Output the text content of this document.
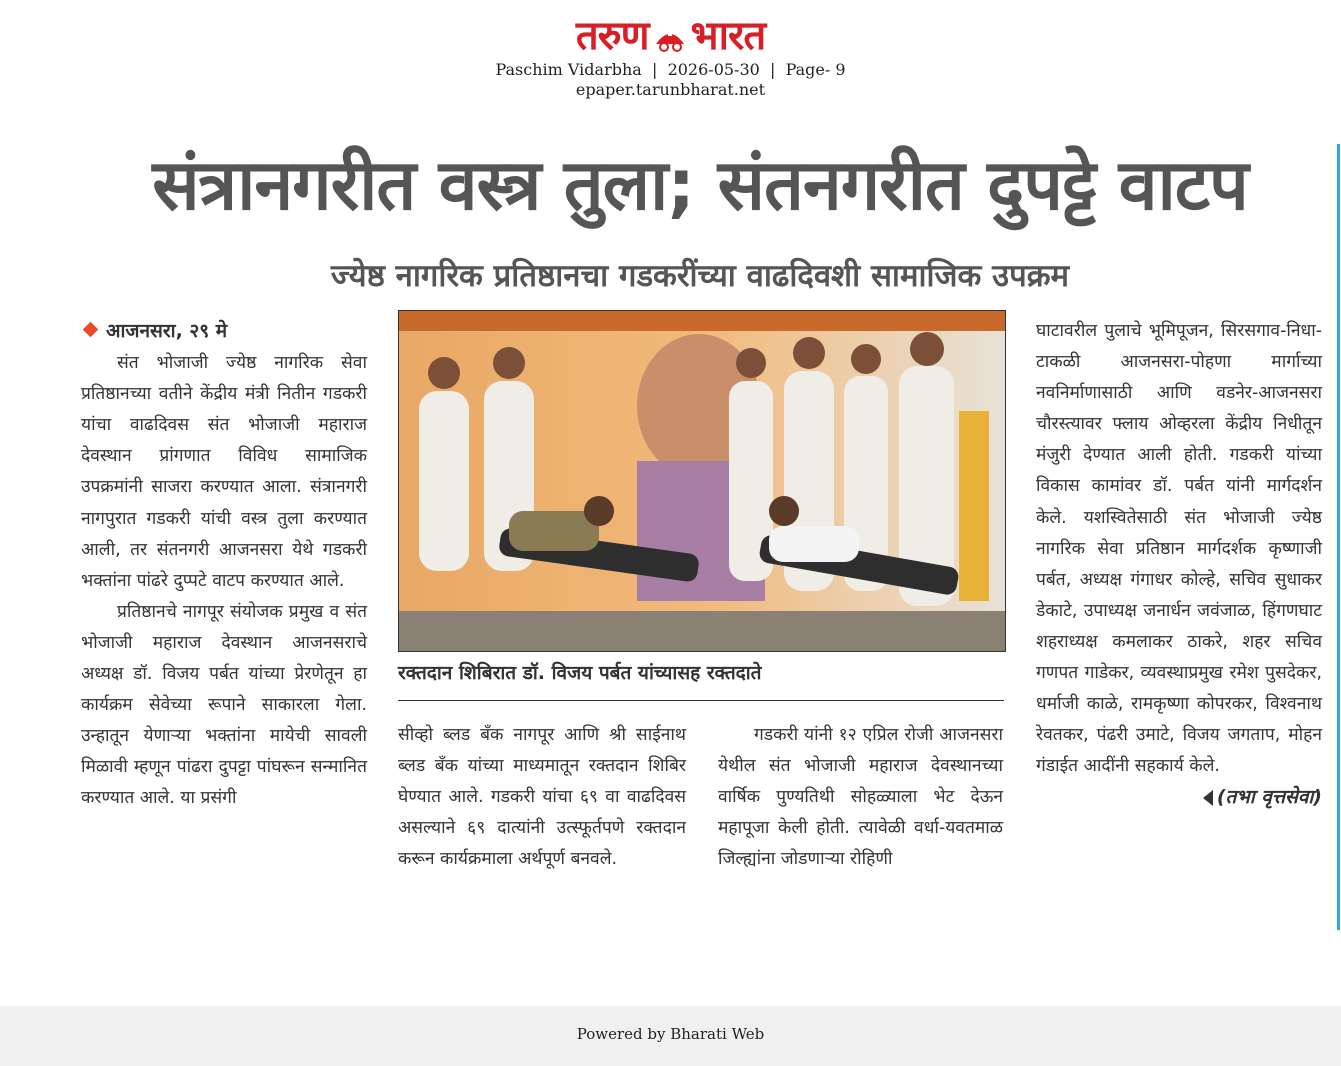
तरुण भारत
Paschim Vidarbha  |  2026-05-30  |  Page- 9
epaper.tarunbharat.net
संत्रानगरीत वस्त्र तुला; संतनगरीत दुपट्टे वाटप
ज्येष्ठ नागरिक प्रतिष्ठानचा गडकरींच्या वाढदिवशी सामाजिक उपक्रम

आजनसरा, २९ मे

संत भोजाजी ज्येष्ठ नागरिक सेवा प्रतिष्ठानच्या वतीने केंद्रीय मंत्री नितीन गडकरी यांचा वाढदिवस संत भोजाजी महाराज देवस्थान प्रांगणात विविध सामाजिक उपक्रमांनी साजरा करण्यात आला. संत्रानगरी नागपुरात गडकरी यांची वस्त्र तुला करण्यात आली, तर संतनगरी आजनसरा येथे गडकरी भक्तांना पांढरे दुप्पटे वाटप करण्यात आले.

प्रतिष्ठानचे नागपूर संयोजक प्रमुख व संत भोजाजी महाराज देवस्थान आजनसराचे अध्यक्ष डॉ. विजय पर्बत यांच्या प्रेरणेतून हा कार्यक्रम सेवेच्या रूपाने साकारला गेला. उन्हातून येणाऱ्या भक्तांना मायेची सावली मिळावी म्हणून पांढरा दुपट्टा पांघरून सन्मानित करण्यात आले. या प्रसंगी

रक्तदान शिबिरात डॉ. विजय पर्बत यांच्यासह रक्तदाते

सीव्हो ब्लड बँक नागपूर आणि श्री साईनाथ ब्लड बँक यांच्या माध्यमातून रक्तदान शिबिर घेण्यात आले. गडकरी यांचा ६९ वा वाढदिवस असल्याने ६९ दात्यांनी उत्स्फूर्तपणे रक्तदान करून कार्यक्रमाला अर्थपूर्ण बनवले.

गडकरी यांनी १२ एप्रिल रोजी आजनसरा येथील संत भोजाजी महाराज देवस्थानच्या वार्षिक पुण्यतिथी सोहळ्याला भेट देऊन महापूजा केली होती. त्यावेळी वर्धा-यवतमाळ जिल्ह्यांना जोडणाऱ्या रोहिणी

घाटावरील पुलाचे भूमिपूजन, सिरसगाव-निधा-टाकळी आजनसरा-पोहणा मार्गाच्या नवनिर्माणासाठी आणि वडनेर-आजनसरा चौरस्त्यावर फ्लाय ओव्हरला केंद्रीय निधीतून मंजुरी देण्यात आली होती. गडकरी यांच्या विकास कामांवर डॉ. पर्बत यांनी मार्गदर्शन केले. यशस्वितेसाठी संत भोजाजी ज्येष्ठ नागरिक सेवा प्रतिष्ठान मार्गदर्शक कृष्णाजी पर्बत, अध्यक्ष गंगाधर कोल्हे, सचिव सुधाकर डेकाटे, उपाध्यक्ष जनार्धन जवंजाळ, हिंगणघाट शहराध्यक्ष कमलाकर ठाकरे, शहर सचिव गणपत गाडेकर, व्यवस्थाप्रमुख रमेश पुसदेकर, धर्माजी काळे, रामकृष्णा कोपरकर, विश्वनाथ रेवतकर, पंढरी उमाटे, विजय जगताप, मोहन गंडाईत आदींनी सहकार्य केले.

(तभा वृत्तसेवा)

Powered by Bharati Web
